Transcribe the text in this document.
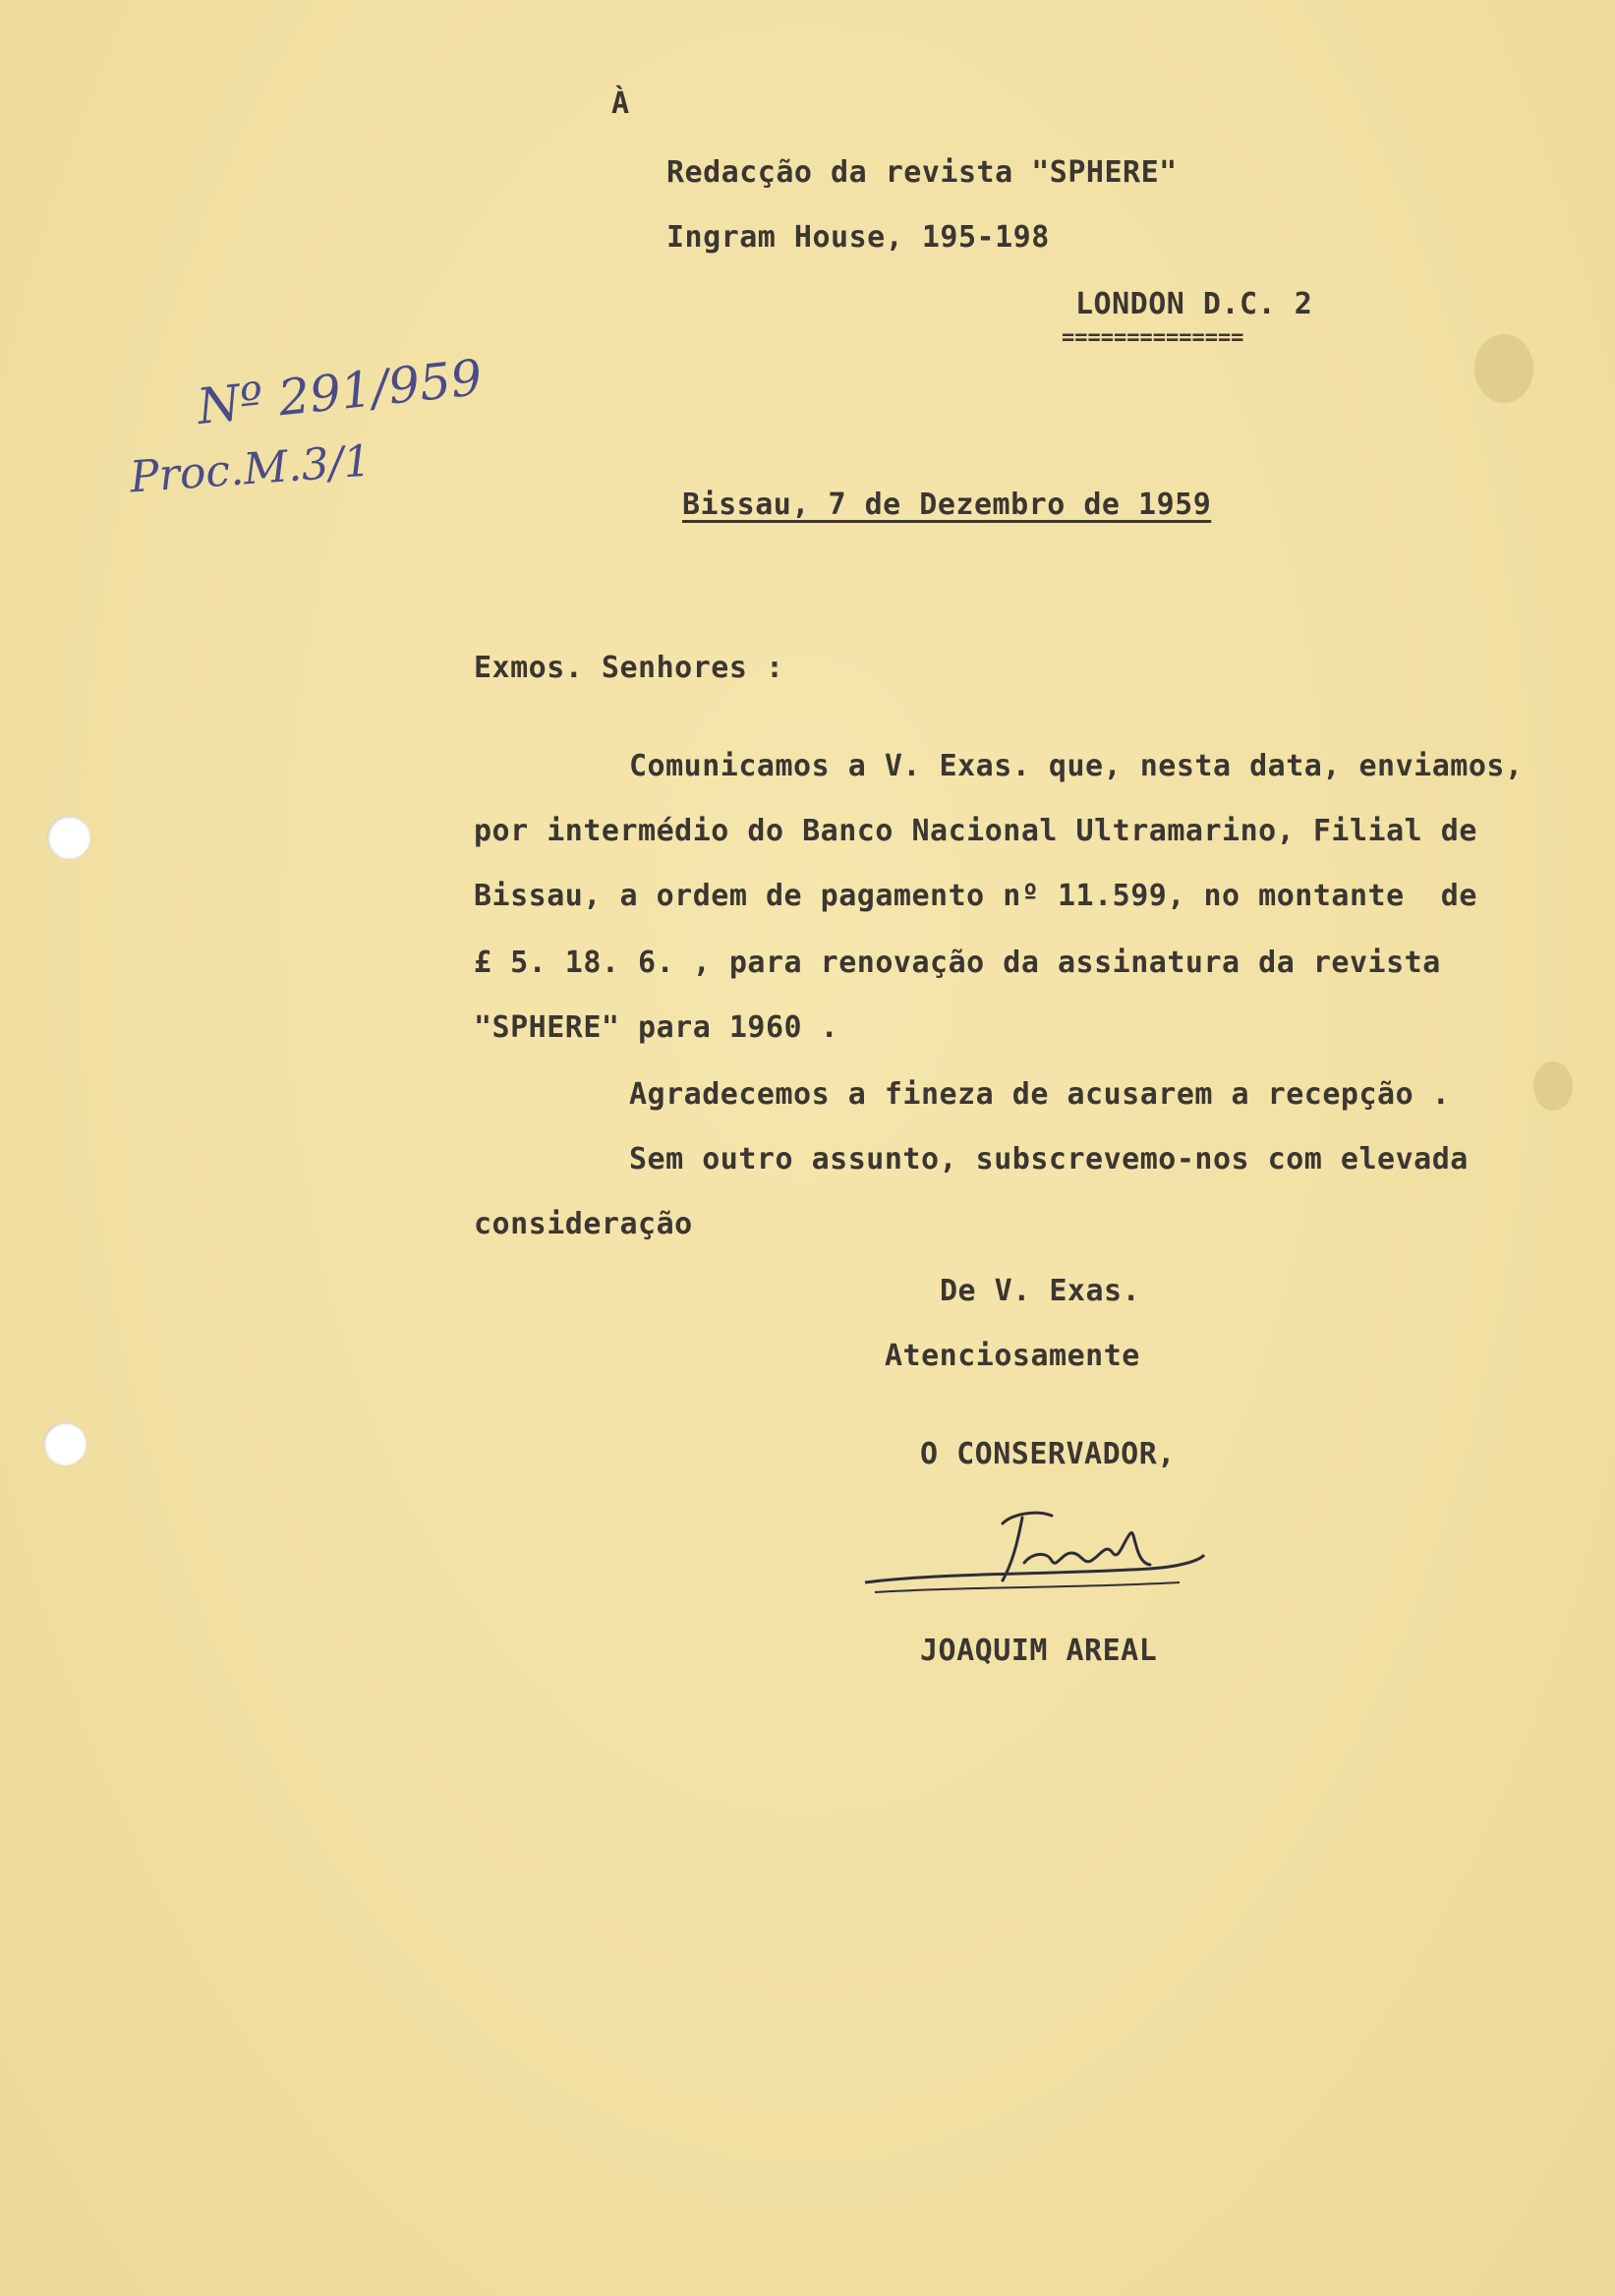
À
Redacção da revista "SPHERE"
Ingram House, 195-198
LONDON D.C. 2
==============
Nº 291/959
Proc.M.3/1
Bissau, 7 de Dezembro de 1959
Exmos. Senhores :
Comunicamos a V. Exas. que, nesta data, enviamos,
por intermédio do Banco Nacional Ultramarino, Filial de
Bissau, a ordem de pagamento nº 11.599, no montante  de
£ 5. 18. 6. , para renovação da assinatura da revista
"SPHERE" para 1960 .
Agradecemos a fineza de acusarem a recepção .
Sem outro assunto, subscrevemo-nos com elevada
consideração
De V. Exas.
Atenciosamente
O CONSERVADOR,
JOAQUIM AREAL
